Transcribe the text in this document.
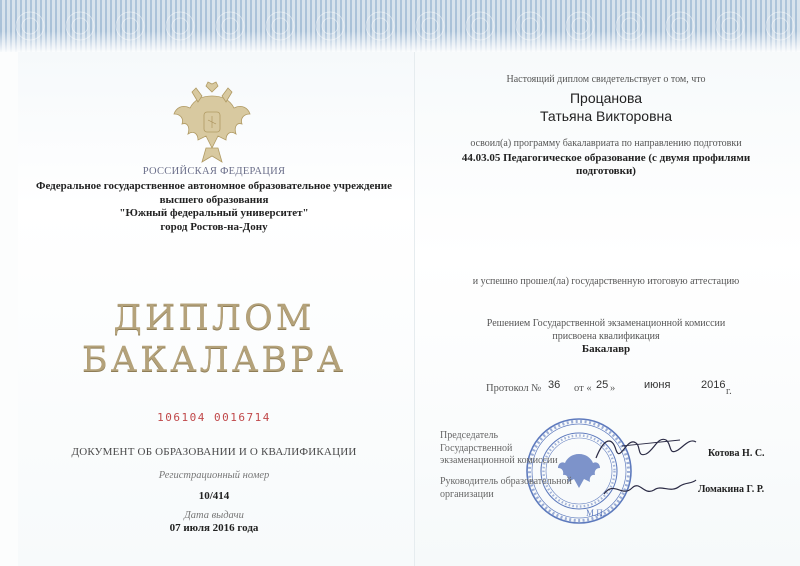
РОССИЙСКАЯ ФЕДЕРАЦИЯ
Федеральное государственное автономное образовательное учреждение
высшего образования
"Южный федеральный университет"
город Ростов-на-Дону
ДИПЛОМ
БАКАЛАВРА
106104 0016714
ДОКУМЕНТ ОБ ОБРАЗОВАНИИ И О КВАЛИФИКАЦИИ
Регистрационный номер
10/414
Дата выдачи
07 июля 2016 года
Настоящий диплом свидетельствует о том, что
Процанова
Татьяна Викторовна
освоил(а) программу бакалавриата по направлению подготовки
44.03.05 Педагогическое образование (с двумя профилями подготовки)
и успешно прошел(ла) государственную итоговую аттестацию
Решением Государственной экзаменационной комиссии
присвоена квалификация
Бакалавр
Протокол № 36 от « 25 »	июня	2016
г.
М.П.
Председатель
Государственной
экзаменационной комиссии
Котова Н. С.
Руководитель образовательной
организации	Ломакина Г. Р.
